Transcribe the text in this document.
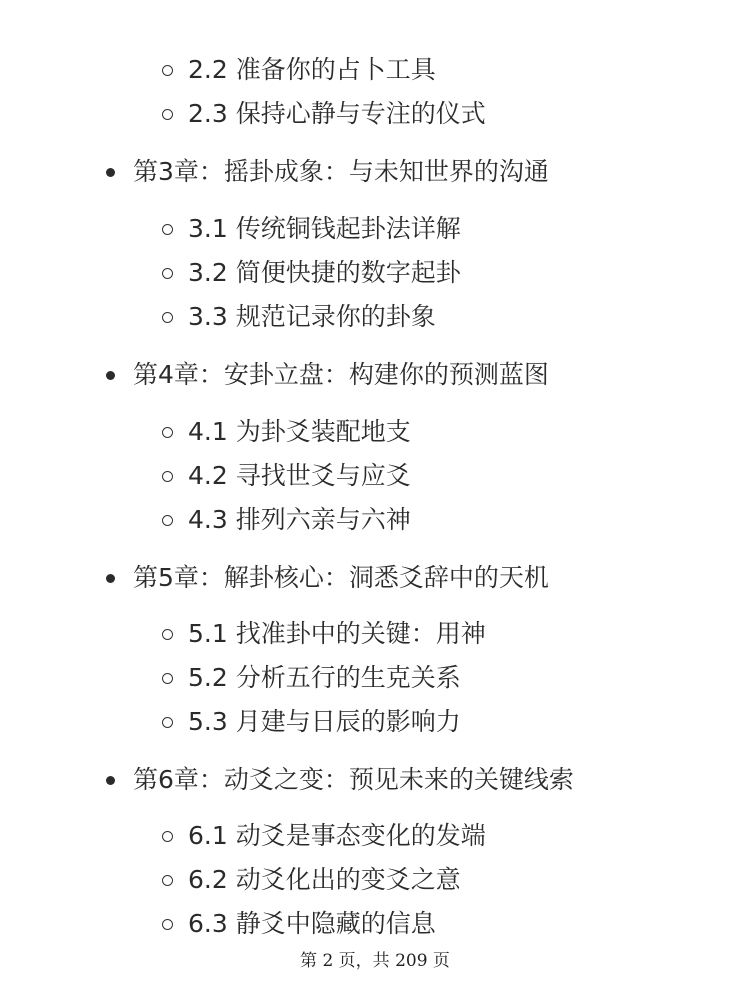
2.2 准备你的占卜工具
2.3 保持心静与专注的仪式
第3章：摇卦成象：与未知世界的沟通
3.1 传统铜钱起卦法详解
3.2 简便快捷的数字起卦
3.3 规范记录你的卦象
第4章：安卦立盘：构建你的预测蓝图
4.1 为卦爻装配地支
4.2 寻找世爻与应爻
4.3 排列六亲与六神
第5章：解卦核心：洞悉爻辞中的天机
5.1 找准卦中的关键：用神
5.2 分析五行的生克关系
5.3 月建与日辰的影响力
第6章：动爻之变：预见未来的关键线索
6.1 动爻是事态变化的发端
6.2 动爻化出的变爻之意
6.3 静爻中隐藏的信息
第 2 页，共 209 页
